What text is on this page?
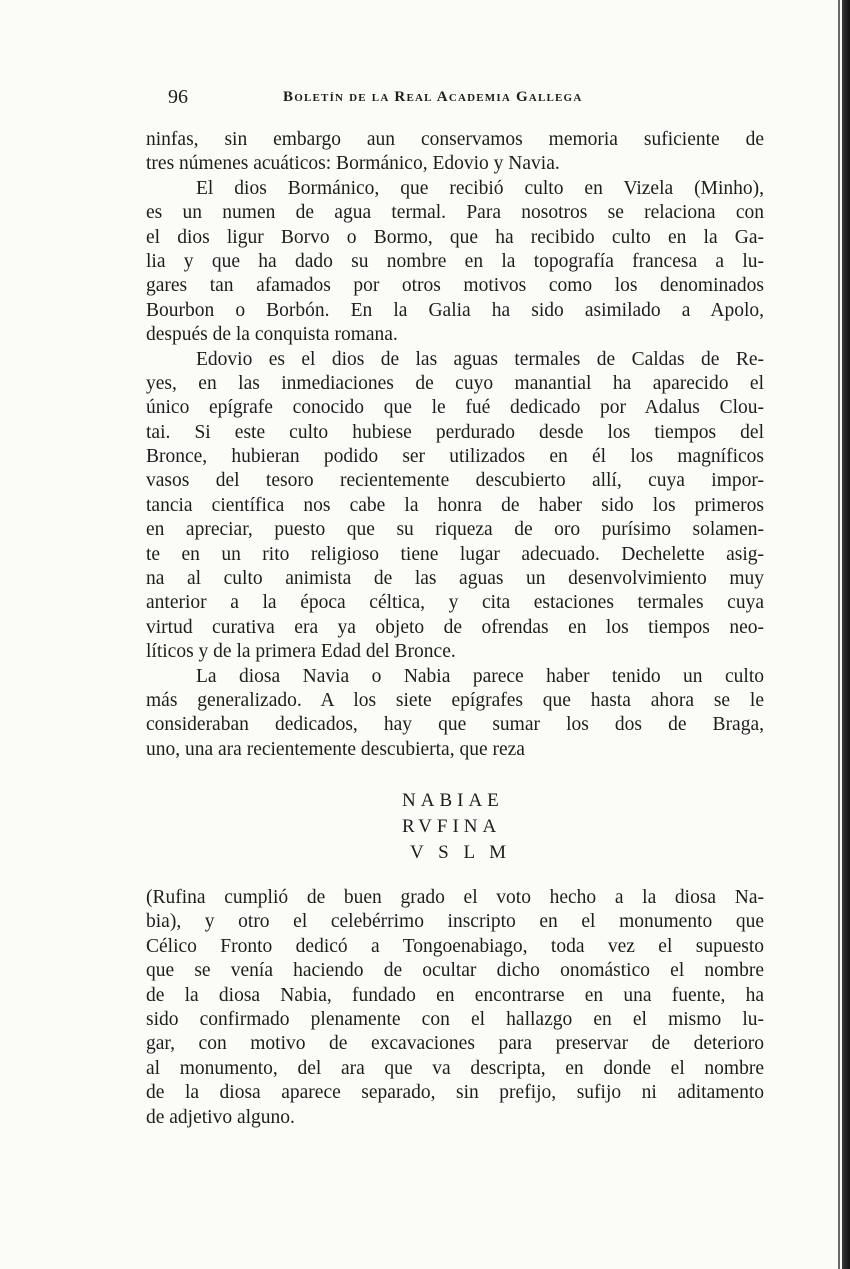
96	Boletín de la Real Academia Gallega
ninfas, sin embargo aun conservamos memoria suficiente de
tres númenes acuáticos: Bormánico, Edovio y Navia.
El dios Bormánico, que recibió culto en Vizela (Minho),
es un numen de agua termal. Para nosotros se relaciona con
el dios ligur Borvo o Bormo, que ha recibido culto en la Ga-
lia y que ha dado su nombre en la topografía francesa a lu-
gares tan afamados por otros motivos como los denominados
Bourbon o Borbón. En la Galia ha sido asimilado a Apolo,
después de la conquista romana.
Edovio es el dios de las aguas termales de Caldas de Re-
yes, en las inmediaciones de cuyo manantial ha aparecido el
único epígrafe conocido que le fué dedicado por Adalus Clou-
tai. Si este culto hubiese perdurado desde los tiempos del
Bronce, hubieran podido ser utilizados en él los magníficos
vasos del tesoro recientemente descubierto allí, cuya impor-
tancia científica nos cabe la honra de haber sido los primeros
en apreciar, puesto que su riqueza de oro purísimo solamen-
te en un rito religioso tiene lugar adecuado. Dechelette asig-
na al culto animista de las aguas un desenvolvimiento muy
anterior a la época céltica, y cita estaciones termales cuya
virtud curativa era ya objeto de ofrendas en los tiempos neo-
líticos y de la primera Edad del Bronce.
La diosa Navia o Nabia parece haber tenido un culto
más generalizado. A los siete epígrafes que hasta ahora se le
consideraban dedicados, hay que sumar los dos de Braga,
uno, una ara recientemente descubierta, que reza
NABIAE
RVFINA
V S L M
(Rufina cumplió de buen grado el voto hecho a la diosa Na-
bia), y otro el celebérrimo inscripto en el monumento que
Célico Fronto dedicó a Tongoenabiago, toda vez el supuesto
que se venía haciendo de ocultar dicho onomástico el nombre
de la diosa Nabia, fundado en encontrarse en una fuente, ha
sido confirmado plenamente con el hallazgo en el mismo lu-
gar, con motivo de excavaciones para preservar de deterioro
al monumento, del ara que va descripta, en donde el nombre
de la diosa aparece separado, sin prefijo, sufijo ni aditamento
de adjetivo alguno.
